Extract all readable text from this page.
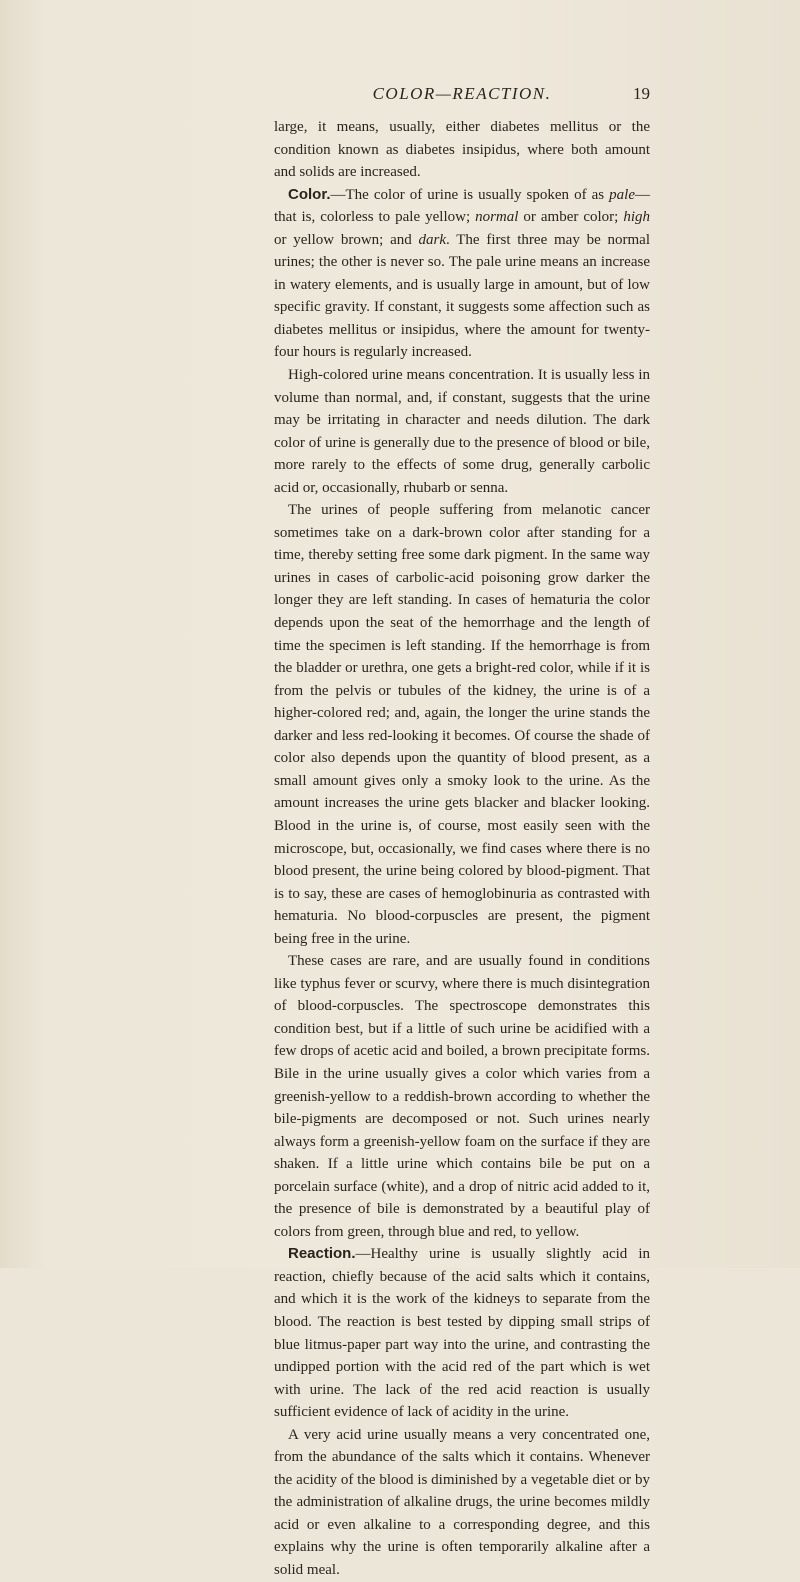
COLOR—REACTION.	19

large, it means, usually, either diabetes mellitus or the condition known as diabetes insipidus, where both amount and solids are increased.

Color.—The color of urine is usually spoken of as pale—that is, colorless to pale yellow; normal or amber color; high or yellow brown; and dark. The first three may be normal urines; the other is never so. The pale urine means an increase in watery elements, and is usually large in amount, but of low specific gravity. If constant, it suggests some affection such as diabetes mellitus or insipidus, where the amount for twenty-four hours is regularly increased.

High-colored urine means concentration. It is usually less in volume than normal, and, if constant, suggests that the urine may be irritating in character and needs dilution. The dark color of urine is generally due to the presence of blood or bile, more rarely to the effects of some drug, generally carbolic acid or, occasionally, rhubarb or senna.

The urines of people suffering from melanotic cancer sometimes take on a dark-brown color after standing for a time, thereby setting free some dark pigment. In the same way urines in cases of carbolic-acid poisoning grow darker the longer they are left standing. In cases of hematuria the color depends upon the seat of the hemorrhage and the length of time the specimen is left standing. If the hemorrhage is from the bladder or urethra, one gets a bright-red color, while if it is from the pelvis or tubules of the kidney, the urine is of a higher-colored red; and, again, the longer the urine stands the darker and less red-looking it becomes. Of course the shade of color also depends upon the quantity of blood present, as a small amount gives only a smoky look to the urine. As the amount increases the urine gets blacker and blacker looking. Blood in the urine is, of course, most easily seen with the microscope, but, occasionally, we find cases where there is no blood present, the urine being colored by blood-pigment. That is to say, these are cases of hemoglobinuria as contrasted with hematuria. No blood-corpuscles are present, the pigment being free in the urine.

These cases are rare, and are usually found in conditions like typhus fever or scurvy, where there is much disintegration of blood-corpuscles. The spectroscope demonstrates this condition best, but if a little of such urine be acidified with a few drops of acetic acid and boiled, a brown precipitate forms. Bile in the urine usually gives a color which varies from a greenish-yellow to a reddish-brown according to whether the bile-pigments are decomposed or not. Such urines nearly always form a greenish-yellow foam on the surface if they are shaken. If a little urine which contains bile be put on a porcelain surface (white), and a drop of nitric acid added to it, the presence of bile is demonstrated by a beautiful play of colors from green, through blue and red, to yellow.

Reaction.—Healthy urine is usually slightly acid in reaction, chiefly because of the acid salts which it contains, and which it is the work of the kidneys to separate from the blood. The reaction is best tested by dipping small strips of blue litmus-paper part way into the urine, and contrasting the undipped portion with the acid red of the part which is wet with urine. The lack of the red acid reaction is usually sufficient evidence of lack of acidity in the urine.

A very acid urine usually means a very concentrated one, from the abundance of the salts which it contains. Whenever the acidity of the blood is diminished by a vegetable diet or by the administration of alkaline drugs, the urine becomes mildly acid or even alkaline to a corresponding degree, and this explains why the urine is often temporarily alkaline after a solid meal.
